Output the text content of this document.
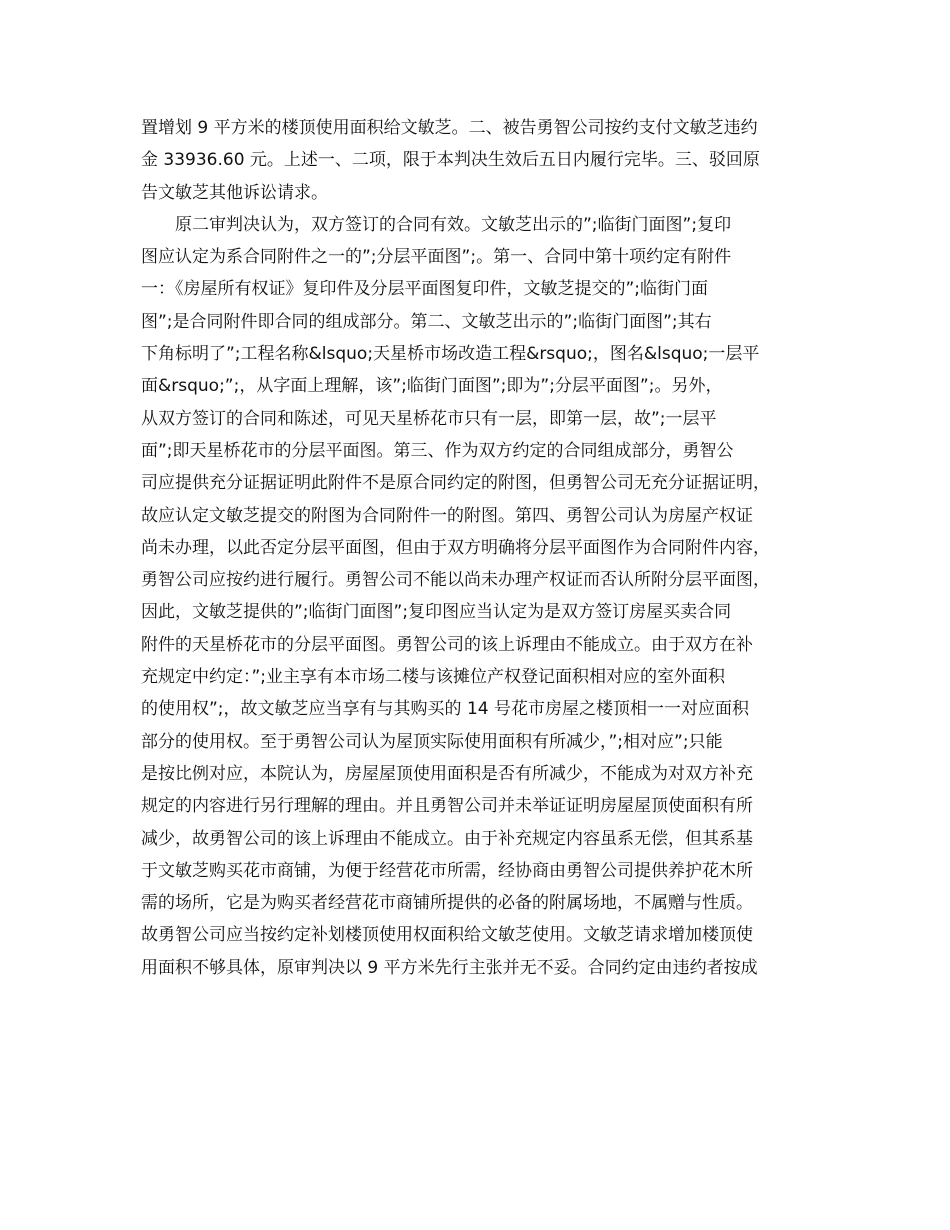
置增划 9 平方米的楼顶使用面积给文敏芝。二、被告勇智公司按约支付文敏芝违约
金 33936.60 元。上述一、二项，限于本判决生效后五日内履行完毕。三、驳回原
告文敏芝其他诉讼请求。
原二审判决认为，双方签订的合同有效。文敏芝出示的”;临街门面图”;复印
图应认定为系合同附件之一的”;分层平面图”;。第一、合同中第十项约定有附件
一：《房屋所有权证》复印件及分层平面图复印件，文敏芝提交的”;临街门面
图”;是合同附件即合同的组成部分。第二、文敏芝出示的”;临街门面图”;其右
下角标明了”;工程名称&lsquo;天星桥市场改造工程&rsquo;，图名&lsquo;一层平
面&rsquo;”;，从字面上理解，该”;临街门面图”;即为”;分层平面图”;。另外，
从双方签订的合同和陈述，可见天星桥花市只有一层，即第一层，故”;一层平
面”;即天星桥花市的分层平面图。第三、作为双方约定的合同组成部分，勇智公
司应提供充分证据证明此附件不是原合同约定的附图，但勇智公司无充分证据证明，
故应认定文敏芝提交的附图为合同附件一的附图。第四、勇智公司认为房屋产权证
尚未办理，以此否定分层平面图，但由于双方明确将分层平面图作为合同附件内容，
勇智公司应按约进行履行。勇智公司不能以尚未办理产权证而否认所附分层平面图，
因此，文敏芝提供的”;临街门面图”;复印图应当认定为是双方签订房屋买卖合同
附件的天星桥花市的分层平面图。勇智公司的该上诉理由不能成立。由于双方在补
充规定中约定：”;业主享有本市场二楼与该摊位产权登记面积相对应的室外面积
的使用权”;，故文敏芝应当享有与其购买的 14 号花市房屋之楼顶相一一对应面积
部分的使用权。至于勇智公司认为屋顶实际使用面积有所减少，”;相对应”;只能
是按比例对应，本院认为，房屋屋顶使用面积是否有所减少，不能成为对双方补充
规定的内容进行另行理解的理由。并且勇智公司并未举证证明房屋屋顶使面积有所
减少，故勇智公司的该上诉理由不能成立。由于补充规定内容虽系无偿，但其系基
于文敏芝购买花市商铺，为便于经营花市所需，经协商由勇智公司提供养护花木所
需的场所，它是为购买者经营花市商铺所提供的必备的附属场地，不属赠与性质。
故勇智公司应当按约定补划楼顶使用权面积给文敏芝使用。文敏芝请求增加楼顶使
用面积不够具体，原审判决以 9 平方米先行主张并无不妥。合同约定由违约者按成
